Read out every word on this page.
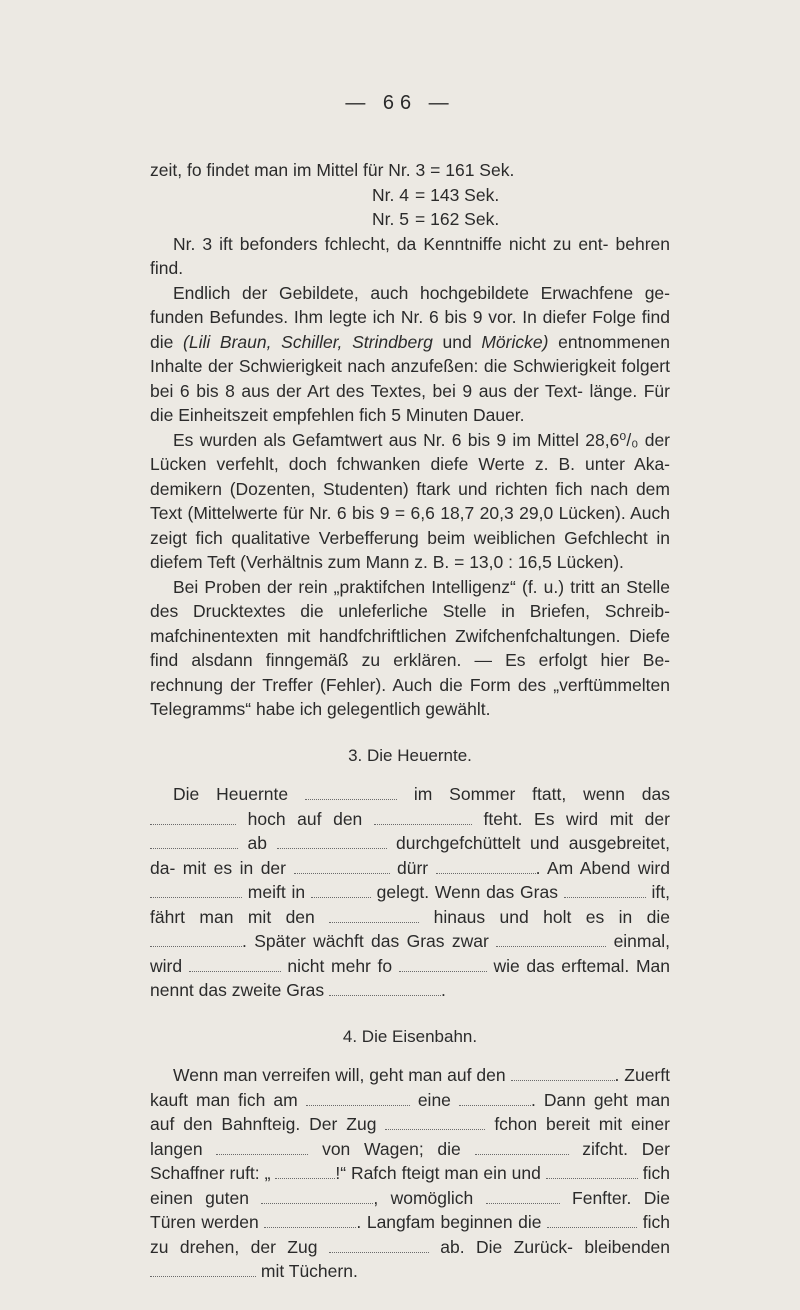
— 66 —

zeit, fo findet man im Mittel für Nr. 3 = 161 Sek.

Nr. 4 = 143 Sek.
Nr. 5 = 162 Sek.

Nr. 3 ift befonders fchlecht, da Kenntniffe nicht zu ent- behren find.

Endlich der Gebildete, auch hochgebildete Erwachfene ge- funden Befundes. Ihm legte ich Nr. 6 bis 9 vor. In diefer Folge find die (Lili Braun, Schiller, Strindberg und Möricke) entnommenen Inhalte der Schwierigkeit nach anzufeßen: die Schwierigkeit folgert bei 6 bis 8 aus der Art des Textes, bei 9 aus der Text- länge. Für die Einheitszeit empfehlen fich 5 Minuten Dauer.

Es wurden als Gefamtwert aus Nr. 6 bis 9 im Mittel 28,6⁰/₀ der Lücken verfehlt, doch fchwanken diefe Werte z. B. unter Aka- demikern (Dozenten, Studenten) ftark und richten fich nach dem Text (Mittelwerte für Nr. 6 bis 9 = 6,6 18,7 20,3 29,0 Lücken). Auch zeigt fich qualitative Verbefferung beim weiblichen Gefchlecht in diefem Teft (Verhältnis zum Mann z. B. = 13,0 : 16,5 Lücken).

Bei Proben der rein „praktifchen Intelligenz“ (f. u.) tritt an Stelle des Drucktextes die unleferliche Stelle in Briefen, Schreib- mafchinentexten mit handfchriftlichen Zwifchenfchaltungen. Diefe find alsdann finngemäß zu erklären. — Es erfolgt hier Be- rechnung der Treffer (Fehler). Auch die Form des „verftümmelten Telegramms“ habe ich gelegentlich gewählt.

3. Die Heuernte.

Die Heuernte	im Sommer ftatt, wenn das  hoch auf den	fteht. Es wird mit der  ab	durchgefchüttelt und ausgebreitet, da- mit es in der	dürr	. Am Abend wird  meift in	gelegt. Wenn das Gras	ift, fährt man mit den	hinaus und holt es in die . Später wächft das Gras zwar	einmal, wird	nicht mehr fo	wie das erftemal. Man nennt das zweite Gras	.

4. Die Eisenbahn.

Wenn man verreifen will, geht man auf den	. Zuerft kauft man fich am	eine	. Dann geht man auf den Bahnfteig. Der Zug	fchon bereit mit einer langen	von Wagen; die	zifcht. Der Schaffner ruft: „	!“ Rafch fteigt man ein und	fich einen guten	, womöglich	Fenfter. Die Türen werden	. Langfam beginnen die	fich zu drehen, der Zug	ab. Die Zurück- bleibenden  mit Tüchern.
